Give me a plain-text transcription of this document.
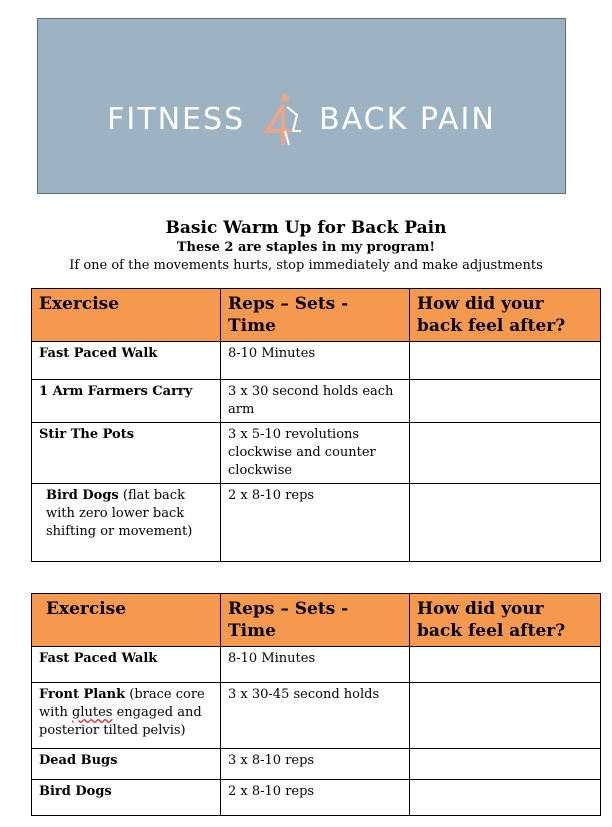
FITNESS BACK PAIN
Basic Warm Up for Back Pain
These 2 are staples in my program!
If one of the movements hurts, stop immediately and make adjustments
Exercise	Reps – Sets - Time	How did your back feel after?
Fast Paced Walk	8-10 Minutes	
1 Arm Farmers Carry	3 x 30 second holds each arm	
Stir The Pots	3 x 5-10 revolutions clockwise and counter clockwise	
Bird Dogs (flat back with zero lower back shifting or movement)	2 x 8-10 reps	
Exercise	Reps – Sets - Time	How did your back feel after?
Fast Paced Walk	8-10 Minutes	
Front Plank (brace core with glutes engaged and posterior tilted pelvis)	3 x 30-45 second holds	
Dead Bugs	3 x 8-10 reps	
Bird Dogs	2 x 8-10 reps	
